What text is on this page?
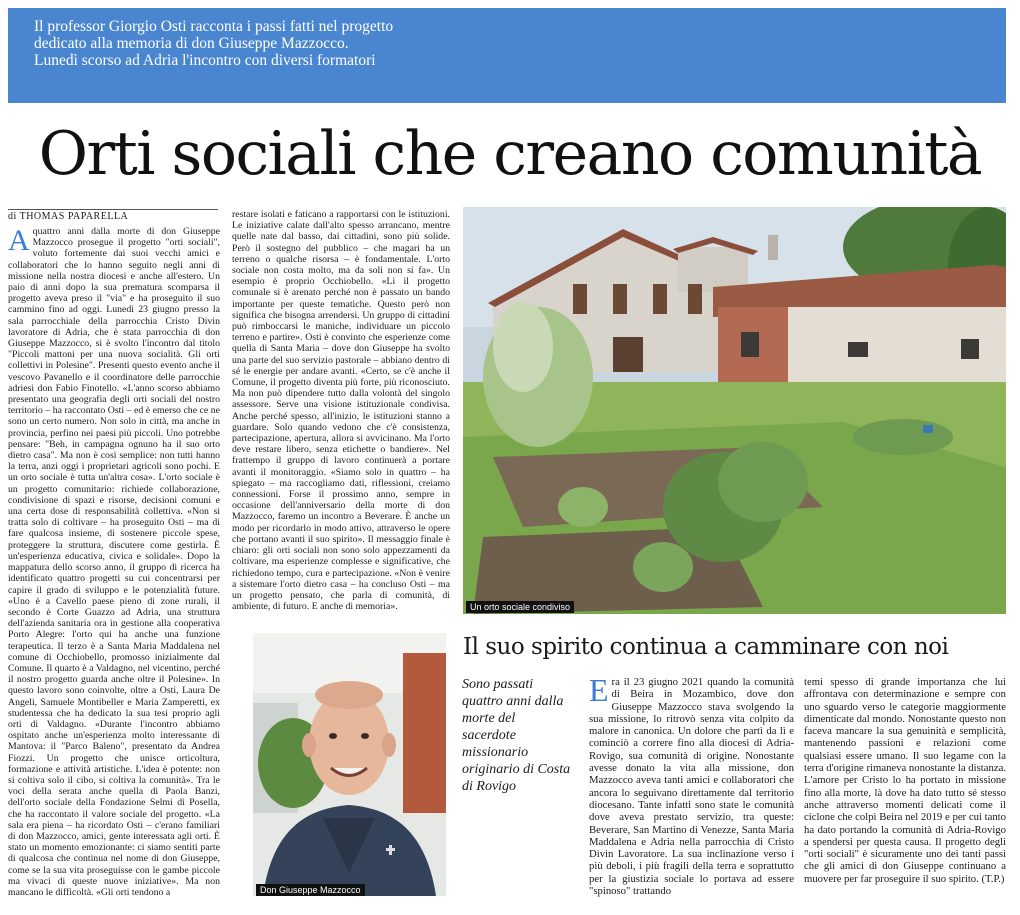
Il professor Giorgio Osti racconta i passi fatti nel progetto dedicato alla memoria di don Giuseppe Mazzocco. Lunedì scorso ad Adria l'incontro con diversi formatori
Orti sociali che creano comunità
di THOMAS PAPARELLA
A quattro anni dalla morte di don Giuseppe Mazzocco prosegue il progetto "orti sociali", voluto fortemente dai suoi vecchi amici e collaboratori che lo hanno seguito negli anni di missione nella nostra diocesi e anche all'estero. Un paio di anni dopo la sua prematura scomparsa il progetto aveva preso il "via" e ha proseguito il suo cammino fino ad oggi. Lunedì 23 giugno presso la sala parrocchiale della parrocchia Cristo Divin lavoratore di Adria, che è stata parrocchia di don Giuseppe Mazzocco, si è svolto l'incontro dal titolo "Piccoli mattoni per una nuova socialità. Gli orti collettivi in Polesine". Presenti questo evento anche il vescovo Pavanello e il coordinatore delle parrocchie adriesi don Fabio Finotello. «L'anno scorso abbiamo presentato una geografia degli orti sociali del nostro territorio – ha raccontato Osti – ed è emerso che ce ne sono un certo numero. Non solo in città, ma anche in provincia, perfino nei paesi più piccoli. Uno potrebbe pensare: "Beh, in campagna ognuno ha il suo orto dietro casa". Ma non è così semplice: non tutti hanno la terra, anzi oggi i proprietari agricoli sono pochi. E un orto sociale è tutta un'altra cosa». L'orto sociale è un progetto comunitario: richiede collaborazione, condivisione di spazi e risorse, decisioni comuni e una certa dose di responsabilità collettiva. «Non si tratta solo di coltivare – ha proseguito Osti – ma di fare qualcosa insieme, di sostenere piccole spese, proteggere la struttura, discutere come gestirla. È un'esperienza educativa, civica e solidale». Dopo la mappatura dello scorso anno, il gruppo di ricerca ha identificato quattro progetti su cui concentrarsi per capire il grado di sviluppo e le potenzialità future. «Uno è a Cavello paese pieno di zone rurali, il secondo è Corte Guazzo ad Adria, una struttura dell'azienda sanitaria ora in gestione alla cooperativa Porto Alegre: l'orto qui ha anche una funzione terapeutica. Il terzo è a Santa Maria Maddalena nel comune di Occhiobello, promosso inizialmente dal Comune. Il quarto è a Valdagno, nel vicentino, perché il nostro progetto guarda anche oltre il Polesine». In questo lavoro sono coinvolte, oltre a Osti, Laura De Angeli, Samuele Montibeller e Maria Zamperetti, ex studentessa che ha dedicato la sua tesi proprio agli orti di Valdagno. «Durante l'incontro abbiamo ospitato anche un'esperienza molto interessante di Mantova: il "Parco Baleno", presentato da Andrea Fiozzi. Un progetto che unisce orticoltura, formazione e attività artistiche. L'idea è potente: non si coltiva solo il cibo, si coltiva la comunità». Tra le voci della serata anche quella di Paola Banzi, dell'orto sociale della Fondazione Selmi di Posella, che ha raccontato il valore sociale del progetto. «La sala era piena – ha ricordato Osti – c'erano familiari di don Mazzocco, amici, gente interessata agli orti. È stato un momento emozionante: ci siamo sentiti parte di qualcosa che continua nel nome di don Giuseppe, come se la sua vita proseguisse con le gambe piccole ma vivaci di queste nuove iniziative». Ma non mancano le difficoltà. «Gli orti tendono a
restare isolati e faticano a rapportarsi con le istituzioni. Le iniziative calate dall'alto spesso arrancano, mentre quelle nate dal basso, dai cittadini, sono più solide. Però il sostegno del pubblico – che magari ha un terreno o qualche risorsa – è fondamentale. L'orto sociale non costa molto, ma da soli non si fa». Un esempio è proprio Occhiobello. «Lì il progetto comunale si è arenato perché non è passato un bando importante per queste tematiche. Questo però non significa che bisogna arrendersi. Un gruppo di cittadini può rimboccarsi le maniche, individuare un piccolo terreno e partire». Osti è convinto che esperienze come quella di Santa Maria – dove don Giuseppe ha svolto una parte del suo servizio pastorale – abbiano dentro di sé le energie per andare avanti. «Certo, se c'è anche il Comune, il progetto diventa più forte, più riconosciuto. Ma non può dipendere tutto dalla volontà del singolo assessore. Serve una visione istituzionale condivisa. Anche perché spesso, all'inizio, le istituzioni stanno a guardare. Solo quando vedono che c'è consistenza, partecipazione, apertura, allora si avvicinano. Ma l'orto deve restare libero, senza etichette o bandiere». Nel frattempo il gruppo di lavoro continuerà a portare avanti il monitoraggio. «Siamo solo in quattro – ha spiegato – ma raccogliamo dati, riflessioni, creiamo connessioni. Forse il prossimo anno, sempre in occasione dell'anniversario della morte di don Mazzocco, faremo un incontro a Beverare. È anche un modo per ricordarlo in modo attivo, attraverso le opere che portano avanti il suo spirito». Il messaggio finale è chiaro: gli orti sociali non sono solo appezzamenti da coltivare, ma esperienze complesse e significative, che richiedono tempo, cura e partecipazione. «Non è venire a sistemare l'orto dietro casa – ha concluso Osti – ma un progetto pensato, che parla di comunità, di ambiente, di futuro. E anche di memoria».	Un orto sociale condiviso
Il suo spirito continua a camminare con noi
Don Giuseppe Mazzocco
Sono passati quattro anni dalla morte del sacerdote missionario originario di Costa di Rovigo
E ra il 23 giugno 2021 quando la comunità di Beira in Mozambico, dove don Giuseppe Mazzocco stava svolgendo la sua missione, lo ritrovò senza vita colpito da malore in canonica. Un dolore che partì da lì e cominciò a correre fino alla diocesi di Adria-Rovigo, sua comunità di origine. Nonostante avesse donato la vita alla missione, don Mazzocco aveva tanti amici e collaboratori che ancora lo seguivano direttamente dal territorio diocesano. Tante infatti sono state le comunità dove aveva prestato servizio, tra queste: Beverare, San Martino di Venezze, Santa Maria Maddalena e Adria nella parrocchia di Cristo Divin Lavoratore. La sua inclinazione verso i più deboli, i più fragili della terra e soprattutto per la giustizia sociale lo portava ad essere "spinoso" trattando
temi spesso di grande importanza che lui affrontava con determinazione e sempre con uno sguardo verso le categorie maggiormente dimenticate dal mondo. Nonostante questo non faceva mancare la sua genuinità e semplicità, mantenendo passioni e relazioni come qualsiasi essere umano. Il suo legame con la terra d'origine rimaneva nonostante la distanza. L'amore per Cristo lo ha portato in missione fino alla morte, là dove ha dato tutto sé stesso anche attraverso momenti delicati come il ciclone che colpì Beira nel 2019 e per cui tanto ha dato portando la comunità di Adria-Rovigo a spendersi per questa causa. Il progetto degli "orti sociali" è sicuramente uno dei tanti passi che gli amici di don Giuseppe continuano a muovere per far proseguire il suo spirito. (T.P.)
